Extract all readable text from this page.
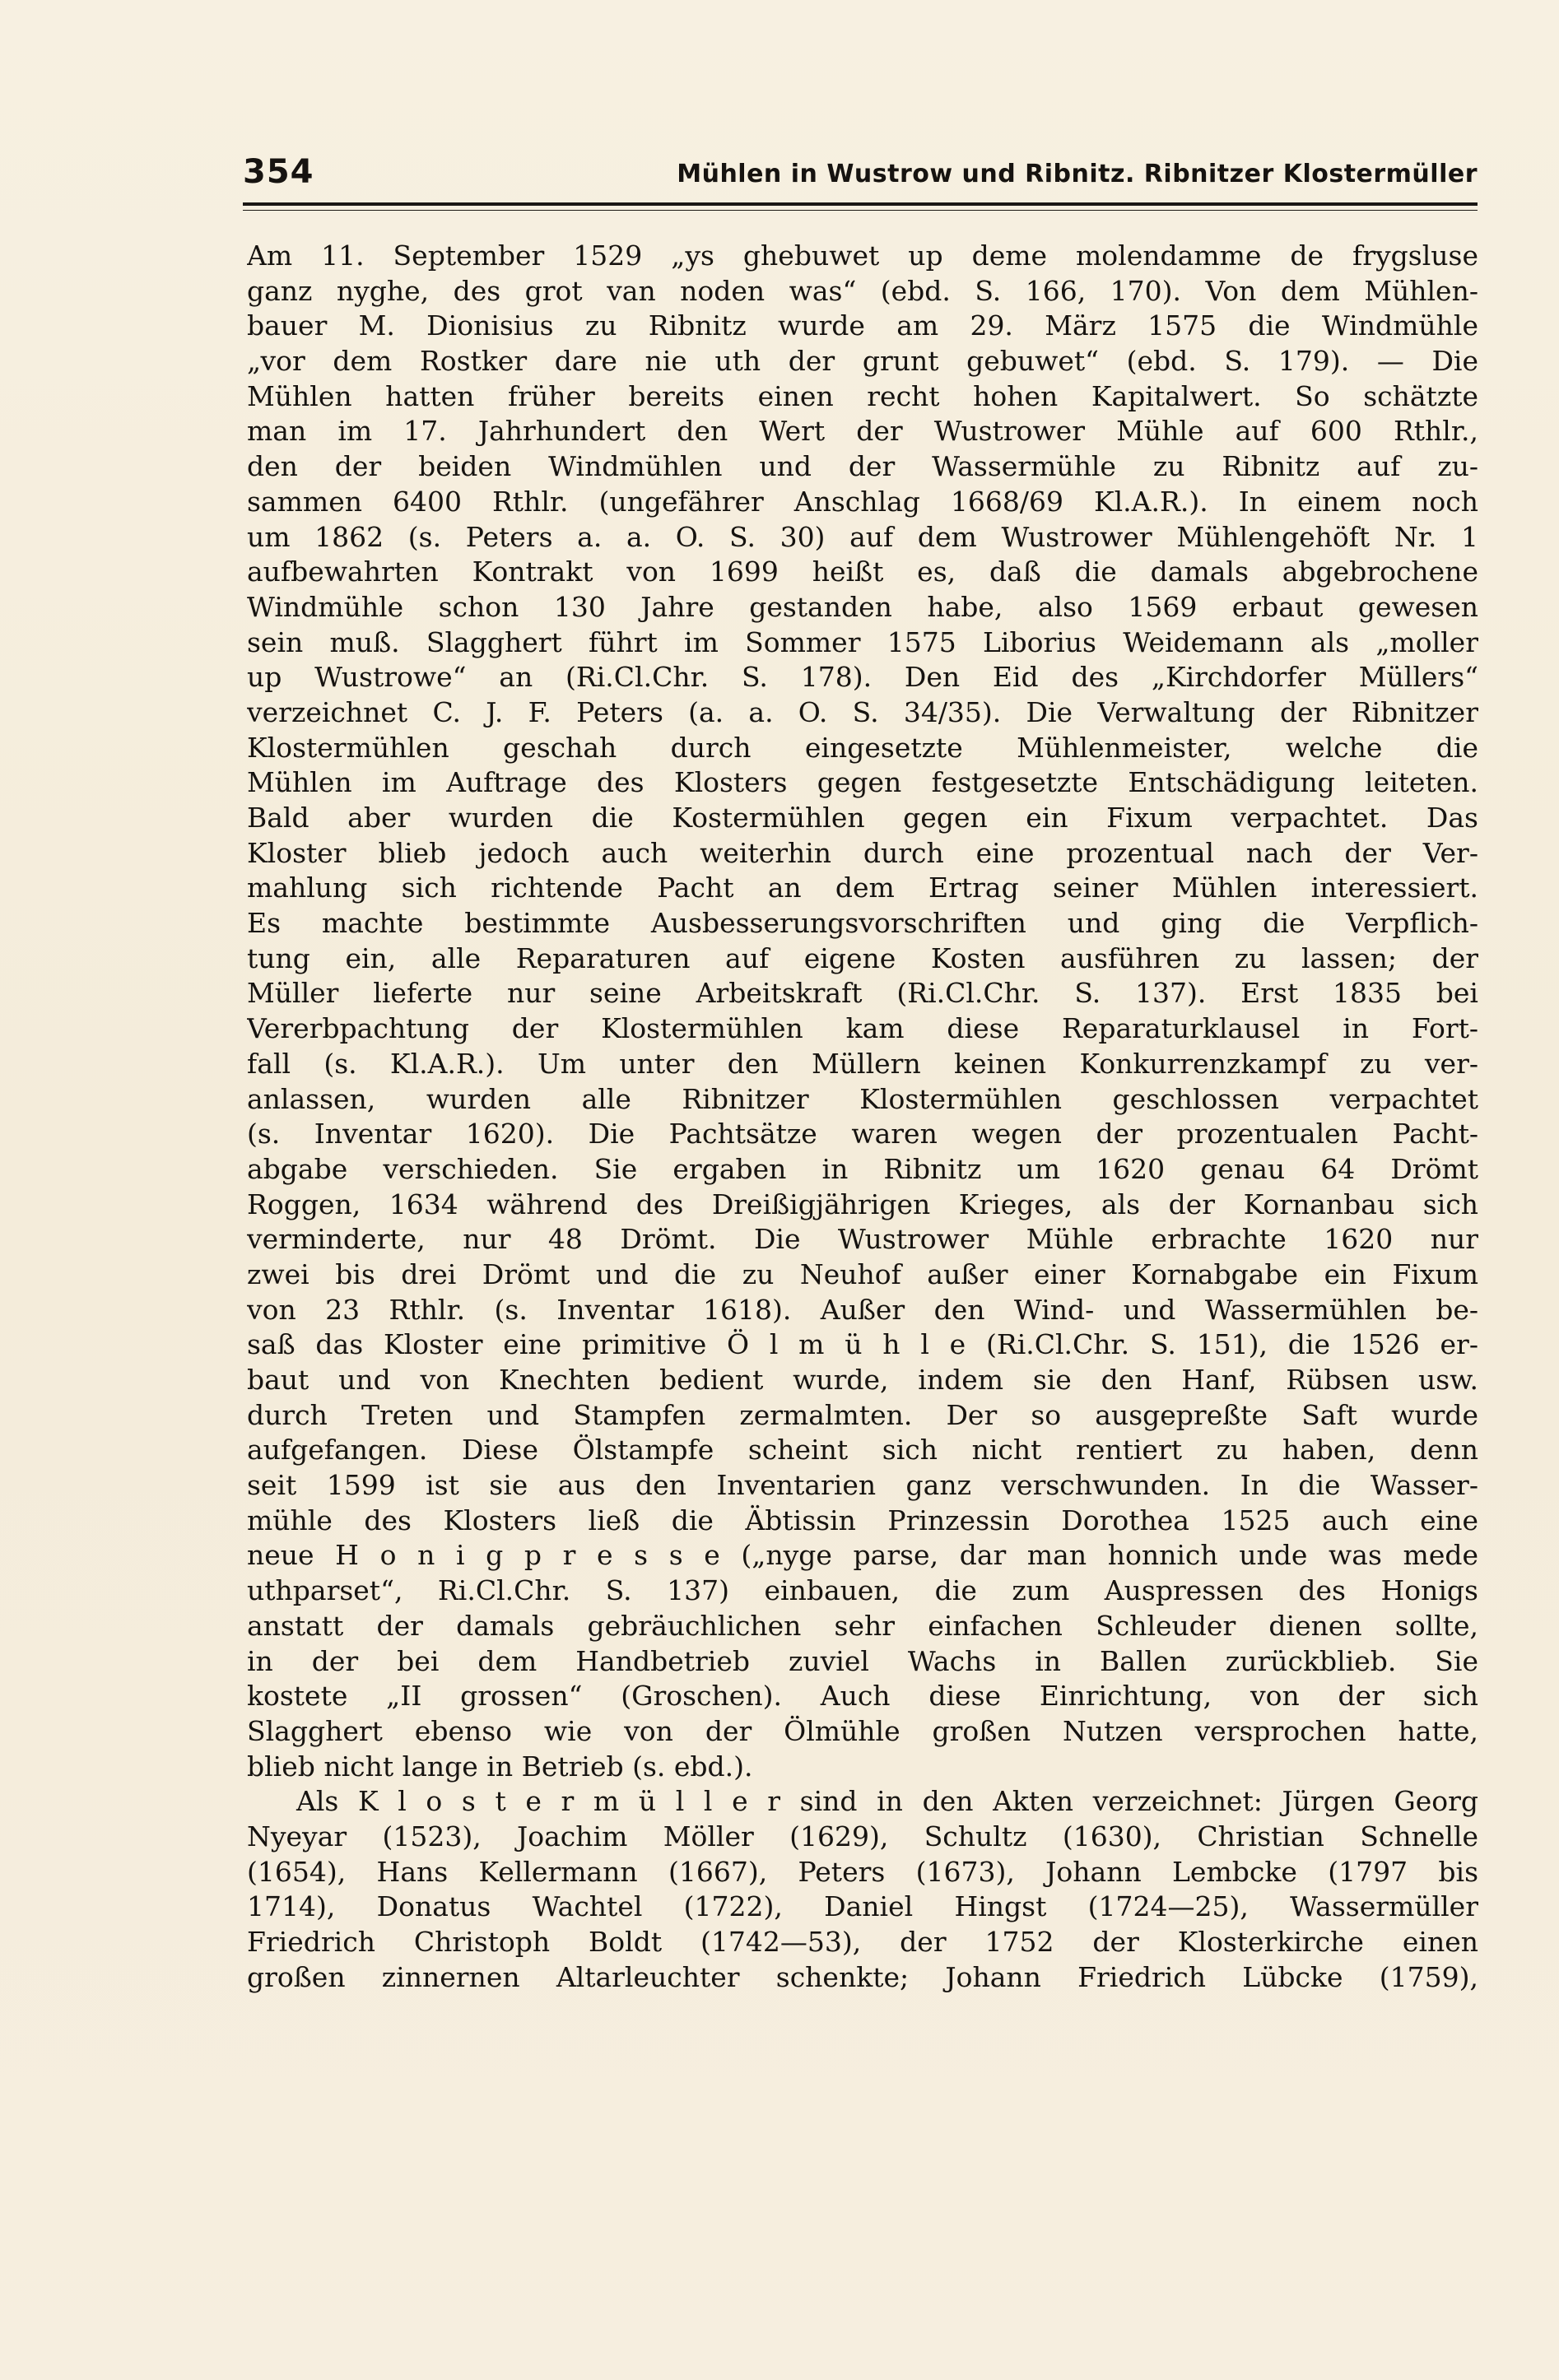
354	Mühlen in Wustrow und Ribnitz. Ribnitzer Klostermüller
Am 11. September 1529 „ys ghebuwet up deme molendamme de frygsluse
ganz nyghe, des grot van noden was“ (ebd. S. 166, 170). Von dem Mühlen-
bauer M. Dionisius zu Ribnitz wurde am 29. März 1575 die Windmühle
„vor dem Rostker dare nie uth der grunt gebuwet“ (ebd. S. 179). — Die
Mühlen hatten früher bereits einen recht hohen Kapitalwert. So schätzte
man im 17. Jahrhundert den Wert der Wustrower Mühle auf 600 Rthlr.,
den der beiden Windmühlen und der Wassermühle zu Ribnitz auf zu-
sammen 6400 Rthlr. (ungefährer Anschlag 1668/69 Kl.A.R.). In einem noch
um 1862 (s. Peters a. a. O. S. 30) auf dem Wustrower Mühlengehöft Nr. 1
aufbewahrten Kontrakt von 1699 heißt es, daß die damals abgebrochene
Windmühle schon 130 Jahre gestanden habe, also 1569 erbaut gewesen
sein muß. Slagghert führt im Sommer 1575 Liborius Weidemann als „moller
up Wustrowe“ an (Ri.Cl.Chr. S. 178). Den Eid des „Kirchdorfer Müllers“
verzeichnet C. J. F. Peters (a. a. O. S. 34/35). Die Verwaltung der Ribnitzer
Klostermühlen geschah durch eingesetzte Mühlenmeister, welche die
Mühlen im Auftrage des Klosters gegen festgesetzte Entschädigung leiteten.
Bald aber wurden die Kostermühlen gegen ein Fixum verpachtet. Das
Kloster blieb jedoch auch weiterhin durch eine prozentual nach der Ver-
mahlung sich richtende Pacht an dem Ertrag seiner Mühlen interessiert.
Es machte bestimmte Ausbesserungsvorschriften und ging die Verpflich-
tung ein, alle Reparaturen auf eigene Kosten ausführen zu lassen; der
Müller lieferte nur seine Arbeitskraft (Ri.Cl.Chr. S. 137). Erst 1835 bei
Vererbpachtung der Klostermühlen kam diese Reparaturklausel in Fort-
fall (s. Kl.A.R.). Um unter den Müllern keinen Konkurrenzkampf zu ver-
anlassen, wurden alle Ribnitzer Klostermühlen geschlossen verpachtet
(s. Inventar 1620). Die Pachtsätze waren wegen der prozentualen Pacht-
abgabe verschieden. Sie ergaben in Ribnitz um 1620 genau 64 Drömt
Roggen, 1634 während des Dreißigjährigen Krieges, als der Kornanbau sich
verminderte, nur 48 Drömt. Die Wustrower Mühle erbrachte 1620 nur
zwei bis drei Drömt und die zu Neuhof außer einer Kornabgabe ein Fixum
von 23 Rthlr. (s. Inventar 1618). Außer den Wind- und Wassermühlen be-
saß das Kloster eine primitive Ö l m ü h l e (Ri.Cl.Chr. S. 151), die 1526 er-
baut und von Knechten bedient wurde, indem sie den Hanf, Rübsen usw.
durch Treten und Stampfen zermalmten. Der so ausgepreßte Saft wurde
aufgefangen. Diese Ölstampfe scheint sich nicht rentiert zu haben, denn
seit 1599 ist sie aus den Inventarien ganz verschwunden. In die Wasser-
mühle des Klosters ließ die Äbtissin Prinzessin Dorothea 1525 auch eine
neue H o n i g p r e s s e („nyge parse, dar man honnich unde was mede
uthparset“, Ri.Cl.Chr. S. 137) einbauen, die zum Auspressen des Honigs
anstatt der damals gebräuchlichen sehr einfachen Schleuder dienen sollte,
in der bei dem Handbetrieb zuviel Wachs in Ballen zurückblieb. Sie
kostete „II grossen“ (Groschen). Auch diese Einrichtung, von der sich
Slagghert ebenso wie von der Ölmühle großen Nutzen versprochen hatte,
blieb nicht lange in Betrieb (s. ebd.).
Als K l o s t e r m ü l l e r sind in den Akten verzeichnet: Jürgen Georg
Nyeyar (1523), Joachim Möller (1629), Schultz (1630), Christian Schnelle
(1654), Hans Kellermann (1667), Peters (1673), Johann Lembcke (1797 bis
1714), Donatus Wachtel (1722), Daniel Hingst (1724—25), Wassermüller
Friedrich Christoph Boldt (1742—53), der 1752 der Klosterkirche einen
großen zinnernen Altarleuchter schenkte; Johann Friedrich Lübcke (1759),
